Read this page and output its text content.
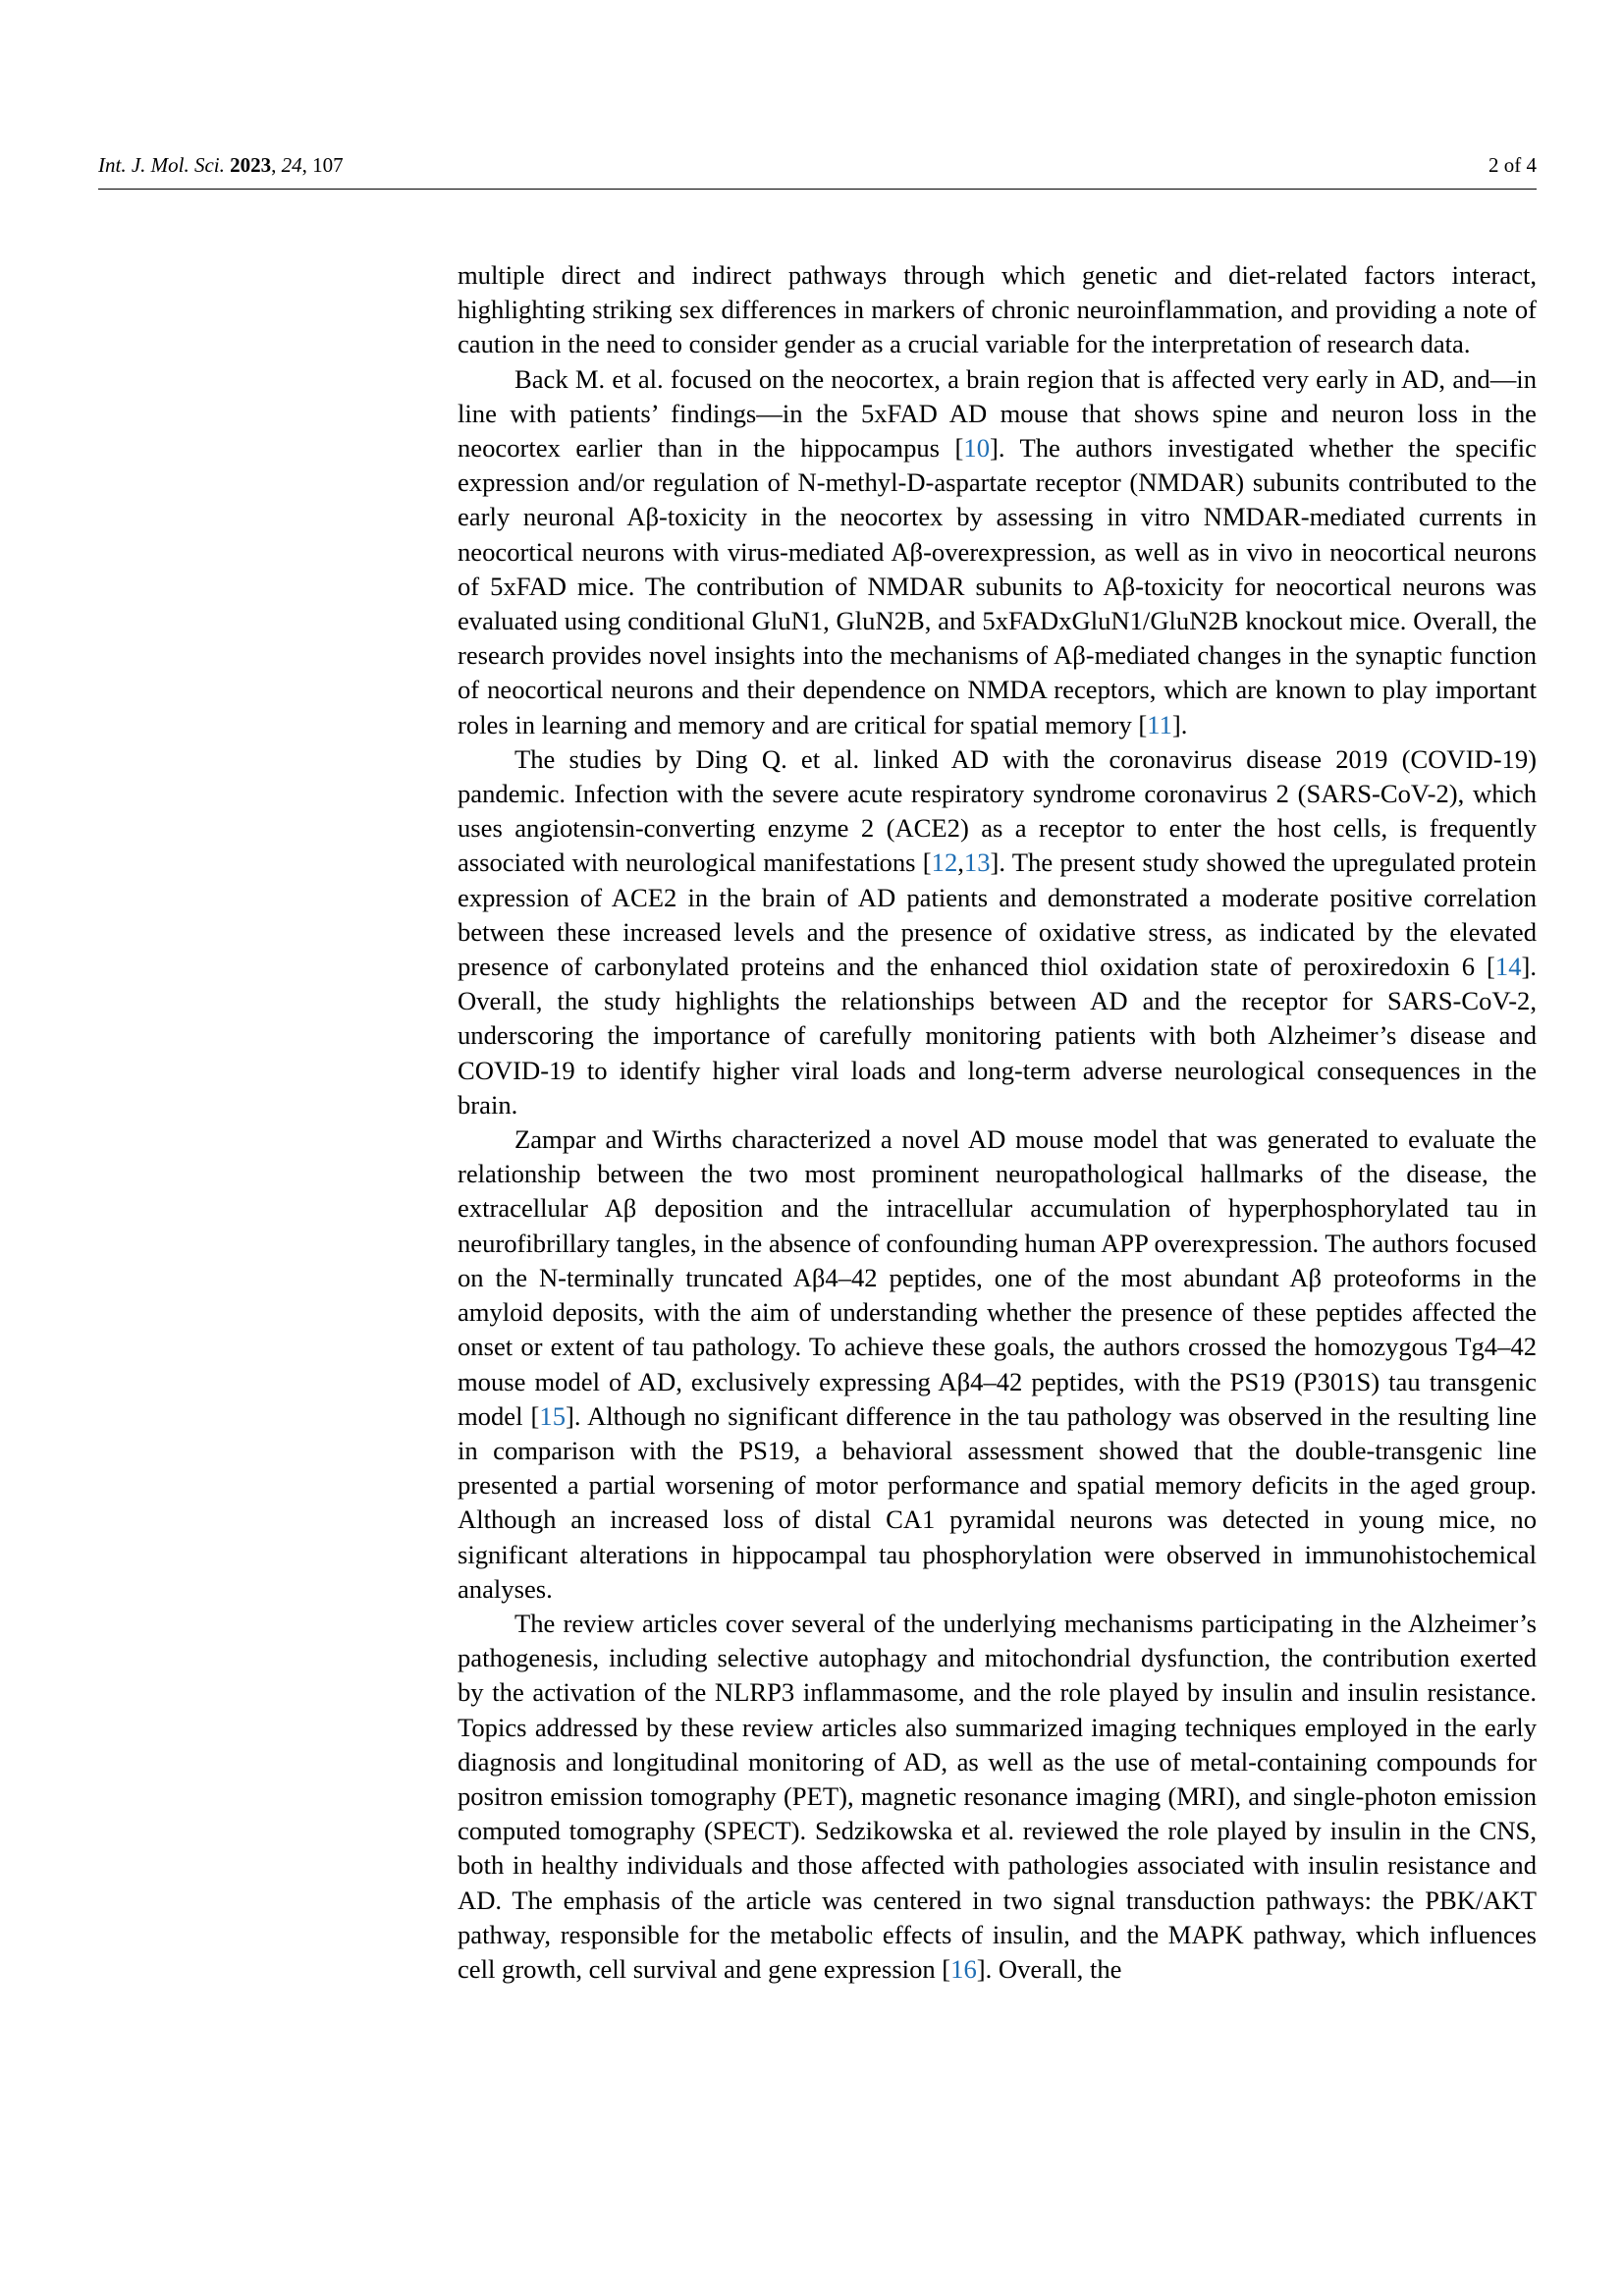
Int. J. Mol. Sci. 2023, 24, 107	2 of 4

multiple direct and indirect pathways through which genetic and diet-related factors interact, highlighting striking sex differences in markers of chronic neuroinflammation, and providing a note of caution in the need to consider gender as a crucial variable for the interpretation of research data.

Back M. et al. focused on the neocortex, a brain region that is affected very early in AD, and—in line with patients’ findings—in the 5xFAD AD mouse that shows spine and neuron loss in the neocortex earlier than in the hippocampus [10]. The authors investigated whether the specific expression and/or regulation of N-methyl-D-aspartate receptor (NMDAR) subunits contributed to the early neuronal Aβ-toxicity in the neocortex by assessing in vitro NMDAR-mediated currents in neocortical neurons with virus-mediated Aβ-overexpression, as well as in vivo in neocortical neurons of 5xFAD mice. The contribution of NMDAR subunits to Aβ-toxicity for neocortical neurons was evaluated using conditional GluN1, GluN2B, and 5xFADxGluN1/GluN2B knockout mice. Overall, the research provides novel insights into the mechanisms of Aβ-mediated changes in the synaptic function of neocortical neurons and their dependence on NMDA receptors, which are known to play important roles in learning and memory and are critical for spatial memory [11].

The studies by Ding Q. et al. linked AD with the coronavirus disease 2019 (COVID-19) pandemic. Infection with the severe acute respiratory syndrome coronavirus 2 (SARS-CoV-2), which uses angiotensin-converting enzyme 2 (ACE2) as a receptor to enter the host cells, is frequently associated with neurological manifestations [12,13]. The present study showed the upregulated protein expression of ACE2 in the brain of AD patients and demonstrated a moderate positive correlation between these increased levels and the presence of oxidative stress, as indicated by the elevated presence of carbonylated proteins and the enhanced thiol oxidation state of peroxiredoxin 6 [14]. Overall, the study highlights the relationships between AD and the receptor for SARS-CoV-2, underscoring the importance of carefully monitoring patients with both Alzheimer’s disease and COVID-19 to identify higher viral loads and long-term adverse neurological consequences in the brain.

Zampar and Wirths characterized a novel AD mouse model that was generated to evaluate the relationship between the two most prominent neuropathological hallmarks of the disease, the extracellular Aβ deposition and the intracellular accumulation of hyperphosphorylated tau in neurofibrillary tangles, in the absence of confounding human APP overexpression. The authors focused on the N-terminally truncated Aβ4–42 peptides, one of the most abundant Aβ proteoforms in the amyloid deposits, with the aim of understanding whether the presence of these peptides affected the onset or extent of tau pathology. To achieve these goals, the authors crossed the homozygous Tg4–42 mouse model of AD, exclusively expressing Aβ4–42 peptides, with the PS19 (P301S) tau transgenic model [15]. Although no significant difference in the tau pathology was observed in the resulting line in comparison with the PS19, a behavioral assessment showed that the double-transgenic line presented a partial worsening of motor performance and spatial memory deficits in the aged group. Although an increased loss of distal CA1 pyramidal neurons was detected in young mice, no significant alterations in hippocampal tau phosphorylation were observed in immunohistochemical analyses.

The review articles cover several of the underlying mechanisms participating in the Alzheimer’s pathogenesis, including selective autophagy and mitochondrial dysfunction, the contribution exerted by the activation of the NLRP3 inflammasome, and the role played by insulin and insulin resistance. Topics addressed by these review articles also summarized imaging techniques employed in the early diagnosis and longitudinal monitoring of AD, as well as the use of metal-containing compounds for positron emission tomography (PET), magnetic resonance imaging (MRI), and single-photon emission computed tomography (SPECT). Sedzikowska et al. reviewed the role played by insulin in the CNS, both in healthy individuals and those affected with pathologies associated with insulin resistance and AD. The emphasis of the article was centered in two signal transduction pathways: the PBK/AKT pathway, responsible for the metabolic effects of insulin, and the MAPK pathway, which influences cell growth, cell survival and gene expression [16]. Overall, the
